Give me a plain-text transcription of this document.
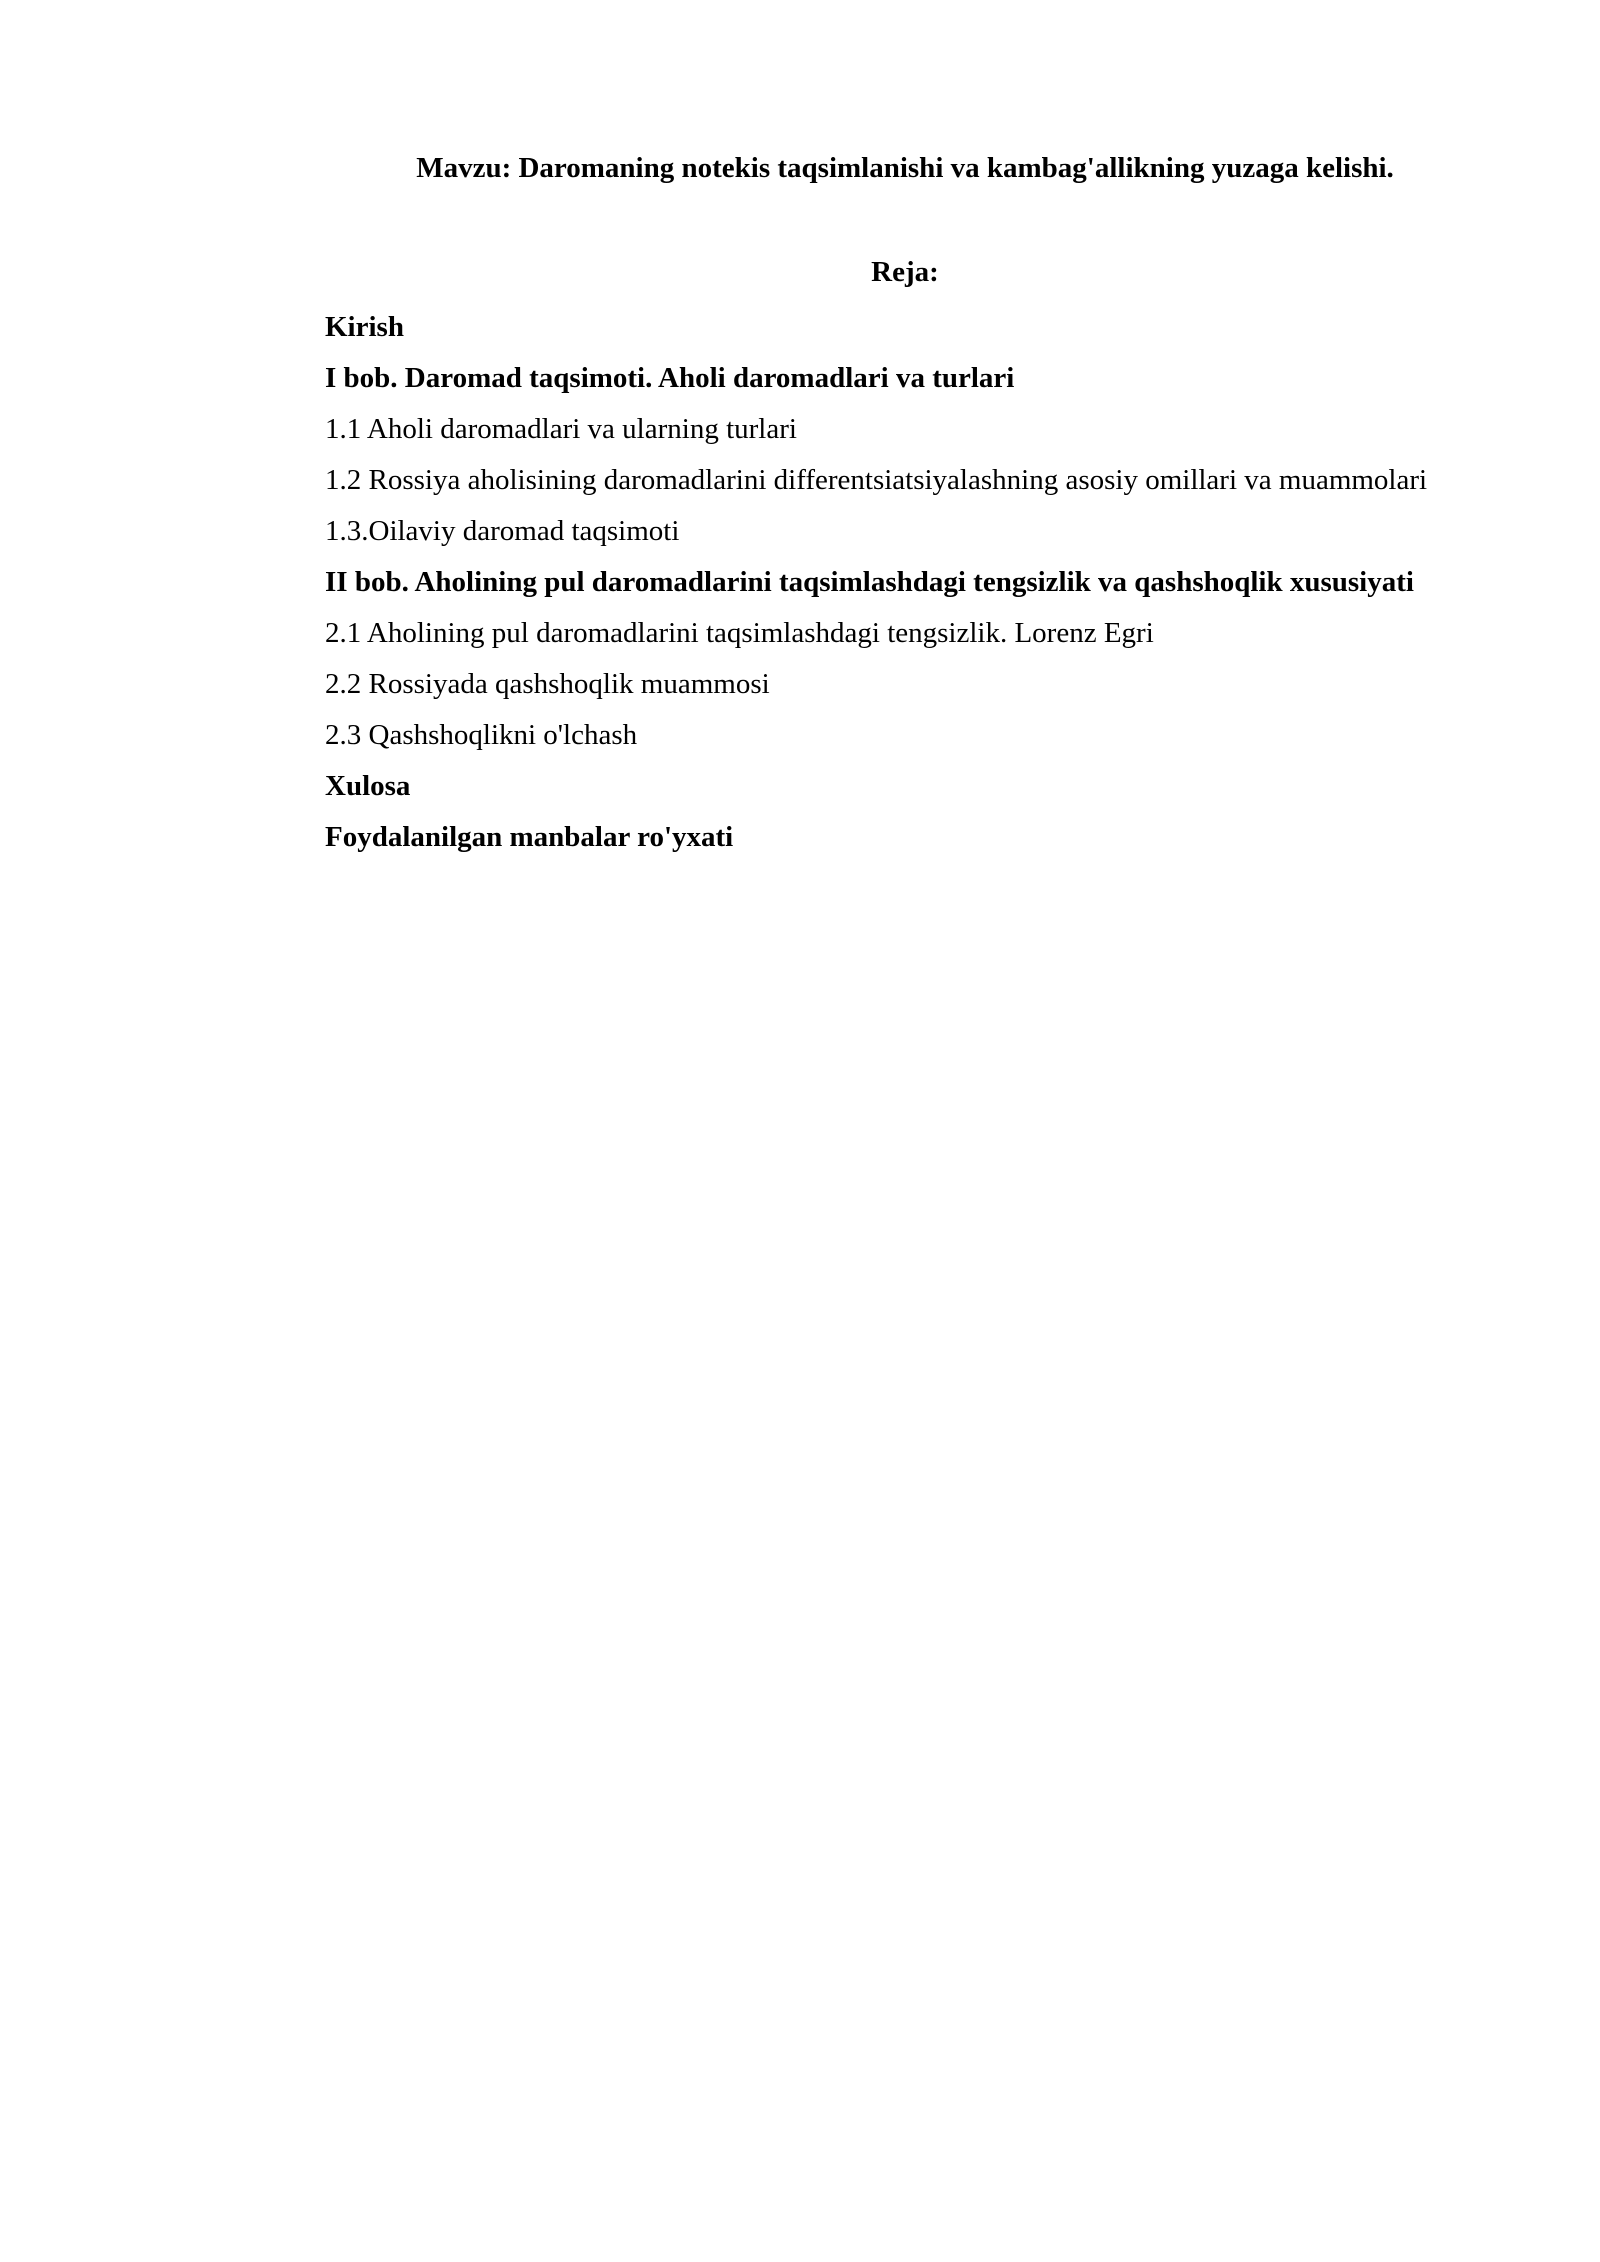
Mavzu: Daromaning notekis taqsimlanishi va kambag'allikning yuzaga kelishi.
Reja:
Kirish
I bob. Daromad taqsimoti. Aholi daromadlari va turlari
1.1 Aholi daromadlari va ularning turlari
1.2 Rossiya aholisining daromadlarini differentsiatsiyalashning asosiy omillari va muammolari
1.3.Oilaviy daromad taqsimoti
II bob. Aholining pul daromadlarini taqsimlashdagi tengsizlik va qashshoqlik xususiyati
2.1 Aholining pul daromadlarini taqsimlashdagi tengsizlik. Lorenz Egri
2.2 Rossiyada qashshoqlik muammosi
2.3 Qashshoqlikni o'lchash
Xulosa
Foydalanilgan manbalar ro'yxati
